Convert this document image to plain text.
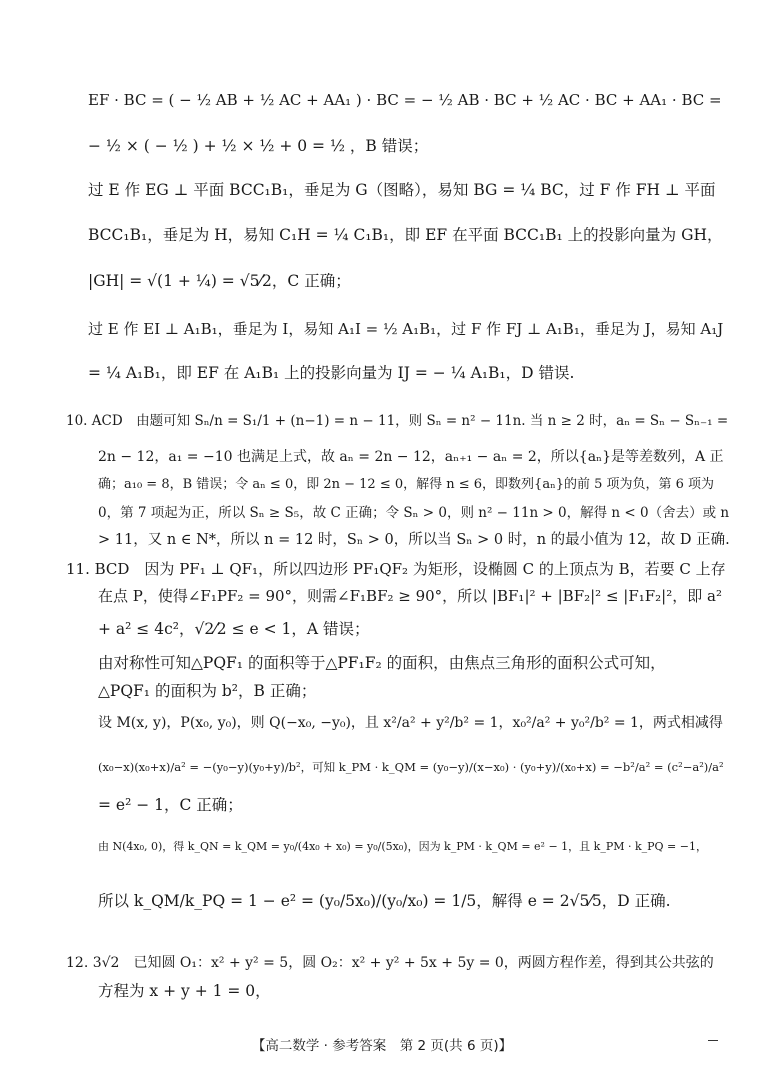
EF · BC = ( − ½ AB + ½ AC + AA₁ ) · BC = − ½ AB · BC + ½ AC · BC + AA₁ · BC =
− ½ × ( − ½ ) + ½ × ½ + 0 = ½ ，B 错误；
过 E 作 EG ⊥ 平面 BCC₁B₁，垂足为 G（图略），易知 BG = ¼ BC，过 F 作 FH ⊥ 平面
BCC₁B₁，垂足为 H，易知 C₁H = ¼ C₁B₁，即 EF 在平面 BCC₁B₁ 上的投影向量为 GH，
|GH| = √(1 + ¼) = √5⁄2，C 正确；
过 E 作 EI ⊥ A₁B₁，垂足为 I，易知 A₁I = ½ A₁B₁，过 F 作 FJ ⊥ A₁B₁，垂足为 J，易知 A₁J
= ¼ A₁B₁，即 EF 在 A₁B₁ 上的投影向量为 IJ = − ¼ A₁B₁，D 错误.
10. ACD　由题可知 Sₙ/n = S₁/1 + (n−1) = n − 11，则 Sₙ = n² − 11n. 当 n ≥ 2 时，aₙ = Sₙ − Sₙ₋₁ =
2n − 12，a₁ = −10 也满足上式，故 aₙ = 2n − 12，aₙ₊₁ − aₙ = 2，所以{aₙ}是等差数列，A 正
确；a₁₀ = 8，B 错误；令 aₙ ≤ 0，即 2n − 12 ≤ 0，解得 n ≤ 6，即数列{aₙ}的前 5 项为负，第 6 项为
0，第 7 项起为正，所以 Sₙ ≥ S₅，故 C 正确；令 Sₙ > 0，则 n² − 11n > 0，解得 n < 0（舍去）或 n
> 11，又 n ∈ N*，所以 n = 12 时，Sₙ > 0，所以当 Sₙ > 0 时，n 的最小值为 12，故 D 正确.
11. BCD　因为 PF₁ ⊥ QF₁，所以四边形 PF₁QF₂ 为矩形，设椭圆 C 的上顶点为 B，若要 C 上存
在点 P，使得∠F₁PF₂ = 90°，则需∠F₁BF₂ ≥ 90°，所以 |BF₁|² + |BF₂|² ≤ |F₁F₂|²，即 a²
+ a² ≤ 4c²，√2⁄2 ≤ e < 1，A 错误；
由对称性可知△PQF₁ 的面积等于△PF₁F₂ 的面积，由焦点三角形的面积公式可知，
△PQF₁ 的面积为 b²，B 正确；
设 M(x, y)，P(x₀, y₀)，则 Q(−x₀, −y₀)，且 x²/a² + y²/b² = 1，x₀²/a² + y₀²/b² = 1，两式相减得
(x₀−x)(x₀+x)/a² = −(y₀−y)(y₀+y)/b²，可知 k_PM · k_QM = (y₀−y)/(x−x₀) · (y₀+y)/(x₀+x) = −b²/a² = (c²−a²)/a²
= e² − 1，C 正确；
由 N(4x₀, 0)，得 k_QN = k_QM = y₀/(4x₀ + x₀) = y₀/(5x₀)，因为 k_PM · k_QM = e² − 1，且 k_PM · k_PQ = −1，
所以 k_QM/k_PQ = 1 − e² = (y₀/5x₀)/(y₀/x₀) = 1/5，解得 e = 2√5⁄5，D 正确.
12. 3√2　已知圆 O₁：x² + y² = 5，圆 O₂：x² + y² + 5x + 5y = 0，两圆方程作差，得到其公共弦的
方程为 x + y + 1 = 0，
【高二数学 · 参考答案　第 2 页(共 6 页)】
